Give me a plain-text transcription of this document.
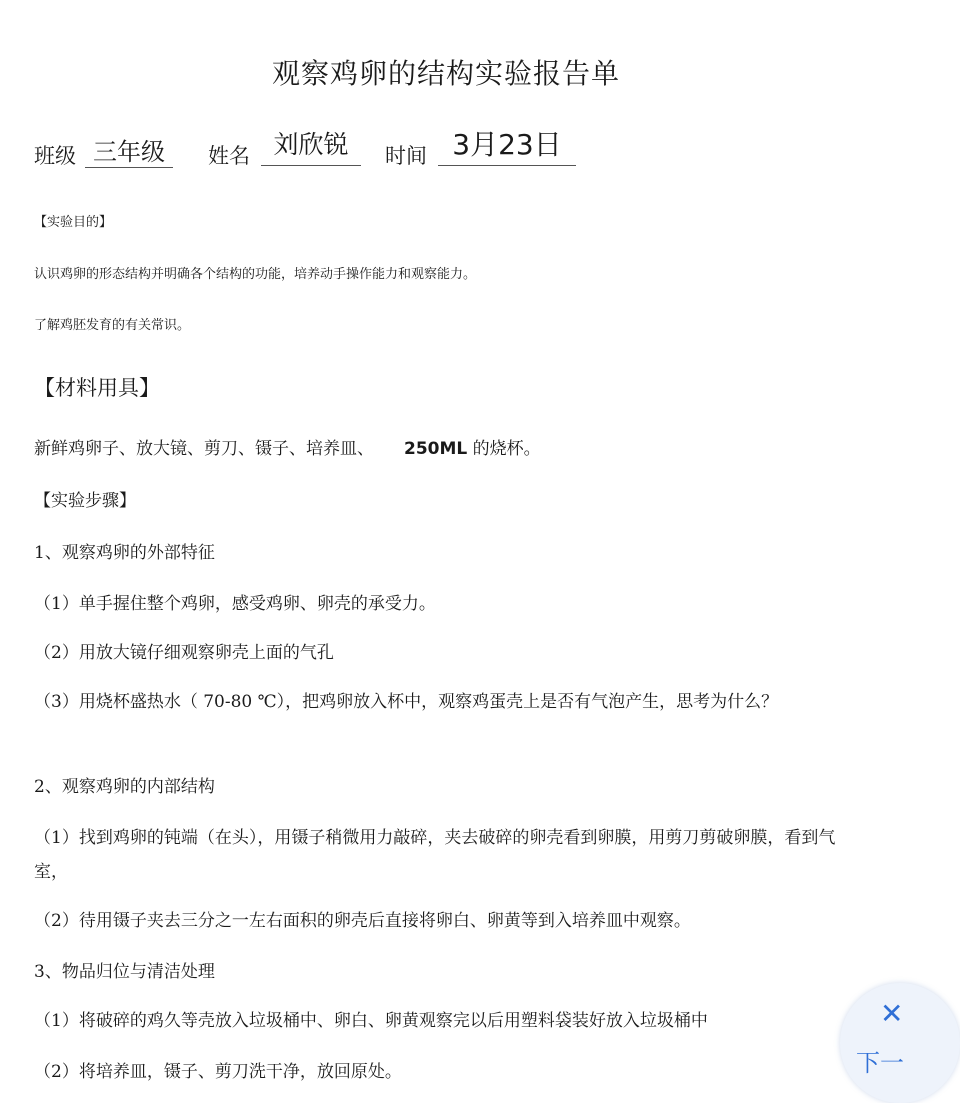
观察鸡卵的结构实验报告单
班级 三年级	姓名 刘欣锐	时间 3月23日
【实验目的】
认识鸡卵的形态结构并明确各个结构的功能，培养动手操作能力和观察能力。
了解鸡胚发育的有关常识。
【材料用具】
新鲜鸡卵子、放大镜、剪刀、镊子、培养皿、 250ML 的烧杯。
【实验步骤】
1、观察鸡卵的外部特征
（1）单手握住整个鸡卵，感受鸡卵、卵壳的承受力。
（2）用放大镜仔细观察卵壳上面的气孔
（3）用烧杯盛热水（ 70-80 ℃），把鸡卵放入杯中，观察鸡蛋壳上是否有气泡产生，思考为什么？
2、观察鸡卵的内部结构
（1）找到鸡卵的钝端（在头），用镊子稍微用力敲碎，夹去破碎的卵壳看到卵膜，用剪刀剪破卵膜，看到气室，
（2）待用镊子夹去三分之一左右面积的卵壳后直接将卵白、卵黄等到入培养皿中观察。
3、物品归位与清洁处理
（1）将破碎的鸡久等壳放入垃圾桶中、卵白、卵黄观察完以后用塑料袋装好放入垃圾桶中
（2）将培养皿，镊子、剪刀洗干净，放回原处。
✕
下一
